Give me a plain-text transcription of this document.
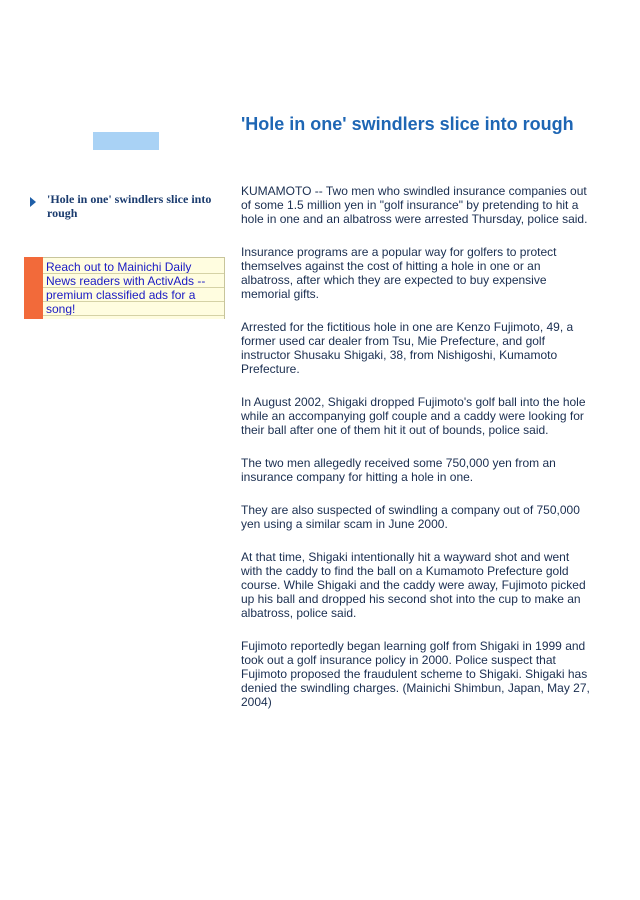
'Hole in one' swindlers slice into rough
Reach out to Mainichi Daily
News readers with ActivAds --
premium classified ads for a
song!
'Hole in one' swindlers slice into rough

KUMAMOTO -- Two men who swindled insurance companies out of some 1.5 million yen in "golf insurance" by pretending to hit a hole in one and an albatross were arrested Thursday, police said.

Insurance programs are a popular way for golfers to protect themselves against the cost of hitting a hole in one or an albatross, after which they are expected to buy expensive memorial gifts.

Arrested for the fictitious hole in one are Kenzo Fujimoto, 49, a former used car dealer from Tsu, Mie Prefecture, and golf instructor Shusaku Shigaki, 38, from Nishigoshi, Kumamoto Prefecture.

In August 2002, Shigaki dropped Fujimoto's golf ball into the hole while an accompanying golf couple and a caddy were looking for their ball after one of them hit it out of bounds, police said.

The two men allegedly received some 750,000 yen from an insurance company for hitting a hole in one.

They are also suspected of swindling a company out of 750,000 yen using a similar scam in June 2000.

At that time, Shigaki intentionally hit a wayward shot and went with the caddy to find the ball on a Kumamoto Prefecture gold course. While Shigaki and the caddy were away, Fujimoto picked up his ball and dropped his second shot into the cup to make an albatross, police said.

Fujimoto reportedly began learning golf from Shigaki in 1999 and took out a golf insurance policy in 2000. Police suspect that Fujimoto proposed the fraudulent scheme to Shigaki. Shigaki has denied the swindling charges. (Mainichi Shimbun, Japan, May 27, 2004)
